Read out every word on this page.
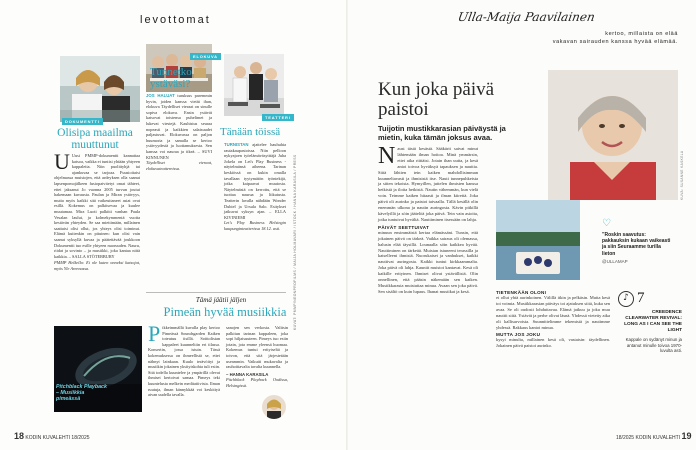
levottomat
DOKUMENTTI
Olisipa maailma muuttunut
U Uusi PMMP-dokumentti kannattaa katsoa, vaikka ei tuntisi yhtään yhtyeen kappaleita. Niin puolittyhjä tai ajankuvaa se tarjoaa. Fuusioitaisi ohjelmassa muistojen, että ardeyksen olla saanut lapsenpomojälkeen fusiopaivitetyt omat tähteet, ettei jaksanut Jo vuonna 2005 turvun joutui hakemaan kuvausta. Paulan ja Miran ystävyys, mutta myös kaikki sitä vaikeuttaneet asiat ovat esillä. Kokemus on palkitsevaa ja kuulee muutamaa. Mira Luoti palkitti vanhan Paula Vesalan laulut, ja kolmekymmentä vuotta kestävän yhteyden. Se saa miettimään, millainen saattaisi olisi ollut, jos yhteys olisi toiminut. Elämä kuitenkin on pituinen: kun olisi vain saanut syksyllä kuvaa ja päätettävää joukkoon Dokumentti tuo esille yhtyeen nuoruuden. Nauru, riidat ja sovinto – ja musiikki, joka kantaa niitä kaikkia. – SALLA STÖTERBURY
PMMP Helkella: Ei ole kuten onneksi katsojat, myös Yle Areenassa.
ELOKUVA
Tunnetko ystäväsi?
JOS HALUAT turuksus paremmin hyvin, joiden kanssa vietät ihan, elokuva Täydelliset vieraat on sinulle sopiva elokuva. Ensin ystävät katsovat toistensa puhelimet ja lukevat viestejä. Kauhistus seuraa nopeasti ja kaikkien salaisuudet paljastuvat. Elokuvassa on paljon huumoria ja samalla se kertoo ystävyydestä ja luottamuksesta. Sen kanssa voi nauraa ja itkeä. – SUVI KINNUNEN
Täydelliset vieraat, elokuvateattereissa.
TEATTERI
Tänään töissä
TURNISTAN ajattelee hauhuhia rautakaupastoissa. Niin pelloon nykyajoen työelämäväsytttäjä Juha Jokela on Let's Play Business -näytelmänsä aiheena. Tarinan keskiössä on kukin omalla tavallaan tyytymätön työntekijä, jotka kaipaavat muutosta. Näytelmästä on kerrottu, että se tuottaa naurua ja liikutusta. Teatterin lavalla nähdään Wonder Dubiel ja Ursula Salo. Esitykset jatkuvat syksyn ajan. – ELLA KIVINIEMI
Let's Play Business Helsingin kaupunginteatterissa 18.12. asti.	KUVAT: PMMP/NEONPROFILMS / MAIJA HOLMAVARI / ISTOCK / HANNA KARASILA / PRESS
Tämä jäätii jäljen
Pimeän hyvää musiikkia
Pitchblack Playback – Musiikkia pimeässä
P ikkeimmällä kuvalla play kertoo Pimeässä Soundsgarden Kaiken toteutuu iisillä. Soittolistan kappaleet kuunneltiin eri tilassa. Konsertin, jossa istuin. Tässä kokemuksessa on ihmeellistä se, ettei nähnyt lainkaan. Kuulo terävöityi ja musiikin jokainen yksityiskohta tuli esiin. Sitä todella kuuntelee ja ympärillä olevat ihmiset kertoivat samaa. Pimeys teki kuuntelusta melkein meditatiivista. Ilman ruutuja, ilman kännykkää voi keskittyä aivan uudella tavalla.
sanojen sen verkosta. Valitsin palkitun tarinan kappaleen, joka sopi hiljaisuuteen. Pimeys tuo esiin jotain, jota emme yleensä huomaa. Kokemus tuntui erityiseltä ja toivon, että sitä järjestetään useammin. Vaikutti mukavalta ja rauhoittavalta tavalta kuunnella.
– HANNA KARASILA
Pitchblack Playback Oodissa, Helsingissä.
18 KODIN KUVALEHTI 18/2025
Ulla-Maija Paavilainen
kertoo, millaista on elää
vakavan sairauden kanssa hyvää elämää.
Kun joka päivä paistoi
Tuijotin mustikkarasian päiväystä ja mietin, kuka tämän joksus avaa.
KUVA: SUSANNE KASKELA
N aust tästä kesästä. Sääkärit saivat minut lähtemään ilman hoitoa. Minä ymmärsin, ettei aika riittäisi. Jotain ihan uutta, ja kesä antoi toivoa hyväksyä tapauksen ja nauttia. Siitä lähtien tein kaiken mahdollisimman kuunneltavasti ja ihmisistä itse. Nauti tunnepuhkeista ja sitten tekoista. Hymyillen, juttelen ihmisten kanssa hetkistä ja iloita hetkistä. Nautin vähemmän, kun vielä voin. Teimme kaiken hitaasti ja ilman kiirettä. Joka päivä oli aurinko ja paistoi taivaalla. Tällä kesällä olin enemmän ulkona ja nautin auringosta. Kävin pitkillä kävelyillä ja söin jäätelöä joka päivä. Tein vain asioita, jotka tuntuivat hyvältä. Nauttiminen itsessään on lahja.
PÄIVÄT SEETTUIVAT
minuun ensimmäistä kertaa elämässäni. Tunsin, että jokainen päivä on tärkeä. Vaikka sairaus oli olemassa, halusin elää täysillä. Lounaalla söin kaikkea hyvää. Nauttiminen on tärkeää. Muistan istuneeni terassilla ja katselleeni ihmisiä. Nuorukaiset ja vanhukset, kaikki nauttivat auringosta. Kaikki tuntui kirkkaammalta. Joka päivä oli lahja. Kauniit muistot kantavat. Kesä oli kaikille erityinen. Ihmiset olivat ystävällisiä. Olin onnellinen, että pääsin näkemään sen kaiken. Mustikkarasia muistuttaa minua. Avaan sen joka päivä. Sen sisältö on kuin lupaus. Ihanat mustikat ja kesä.
♡
”Roskin saavutus: pakkauksin kukaan vaikeasti ja siin Seuraamme turilla lieton
@ULLAMAP
TIETENKÄÄN OLONI
ei ollut yhtä aurinkoinen. Välillä itkin ja pelkäsin. Mutta kesä toi voimia. Mustikkarasian päiväys toi ajatuksen siitä, kuka sen avaa. Se oli oudosti lohduttavaa. Elämä jatkuu ja joku muu nauttii siitä. Ystävät ja perhe olivat läsnä. Yhdessä vietetty aika oli kallisarvoista. Suunnittelimme tekemisiä ja nautimme yhdessä. Rakkaus kantoi minua.
MUTTA JOS JOKU
kysyi minulta, millainen kesä oli, vastaisin: täydellinen. Jokainen päivä paistoi aurinko.
♪ 7
CREEDENCE CLEARWATER REVIVAL: LONG AS I CAN SEE THE LIGHT
Kappale on sydänyt minun ja antanut minulle toivoa 1970-luvulta asti.
18/2025 KODIN KUVALEHTI 19
